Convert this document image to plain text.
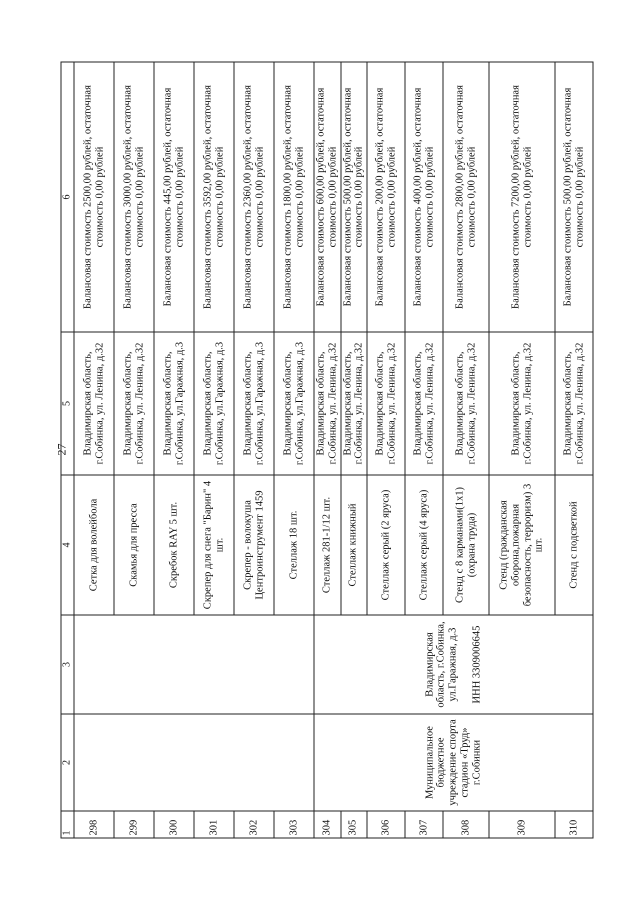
27
1	2	3	4	5	6
298			Сетка для волейбола	Владимирская область, г.Собинка, ул. Ленина, д.32	Балансовая стоимость 2500,00 рублей, остаточная стоимость 0,00 рублей
299			Скамья для пресса	Владимирская область, г.Собинка, ул. Ленина, д.32	Балансовая стоимость 3000,00 рублей, остаточная стоимость 0,00 рублей
300			Скребок RAY 5 шт.	Владимирская область, г.Собинка, ул.Гаражная, д.3	Балансовая стоимость 445,00 рублей, остаточная стоимость 0,00 рублей
301			Скрепер для снега "Барин" 4 шт.	Владимирская область, г.Собинка, ул.Гаражная, д.3	Балансовая стоимость 3592,00 рублей, остаточная стоимость 0,00 рублей
302			Скрепер - волокуша Центроинструмент 1459	Владимирская область, г.Собинка, ул.Гаражная, д.3	Балансовая стоимость 2360,00 рублей, остаточная стоимость 0,00 рублей
303			Стеллаж 18 шт.	Владимирская область, г.Собинка, ул.Гаражная, д.3	Балансовая стоимость 1800,00 рублей, остаточная стоимость 0,00 рублей
304	Муниципальное бюджетное учреждение спорта стадион «Труд» г.Собинки	Владимирская область, г.Собинка, ул.Гаражная, д.3 ИНН 3309006645	Стеллаж 281-1/12 шт.	Владимирская область, г.Собинка, ул. Ленина, д.32	Балансовая стоимость 600,00 рублей, остаточная стоимость 0,00 рублей
305			Стеллаж книжный	Владимирская область, г.Собинка, ул. Ленина, д.32	Балансовая стоимость 500,00 рублей, остаточная стоимость 0,00 рублей
306			Стеллаж серый (2 яруса)	Владимирская область, г.Собинка, ул. Ленина, д.32	Балансовая стоимость 200,00 рублей, остаточная стоимость 0,00 рублей
307			Стеллаж серый (4 яруса)	Владимирская область, г.Собинка, ул. Ленина, д.32	Балансовая стоимость 400,00 рублей, остаточная стоимость 0,00 рублей
308			Стенд с 8 карманами(1х1) (охрана труда)	Владимирская область, г.Собинка, ул. Ленина, д.32	Балансовая стоимость 2800,00 рублей, остаточная стоимость 0,00 рублей
309			Стенд (гражданская оборона,пожарная безопасность, терроризм) 3 шт.	Владимирская область, г.Собинка, ул. Ленина, д.32	Балансовая стоимость 7200,00 рублей, остаточная стоимость 0,00 рублей
310			Стенд с подсветкой	Владимирская область, г.Собинка, ул. Ленина, д.32	Балансовая стоимость 500,00 рублей, остаточная стоимость 0,00 рублей
